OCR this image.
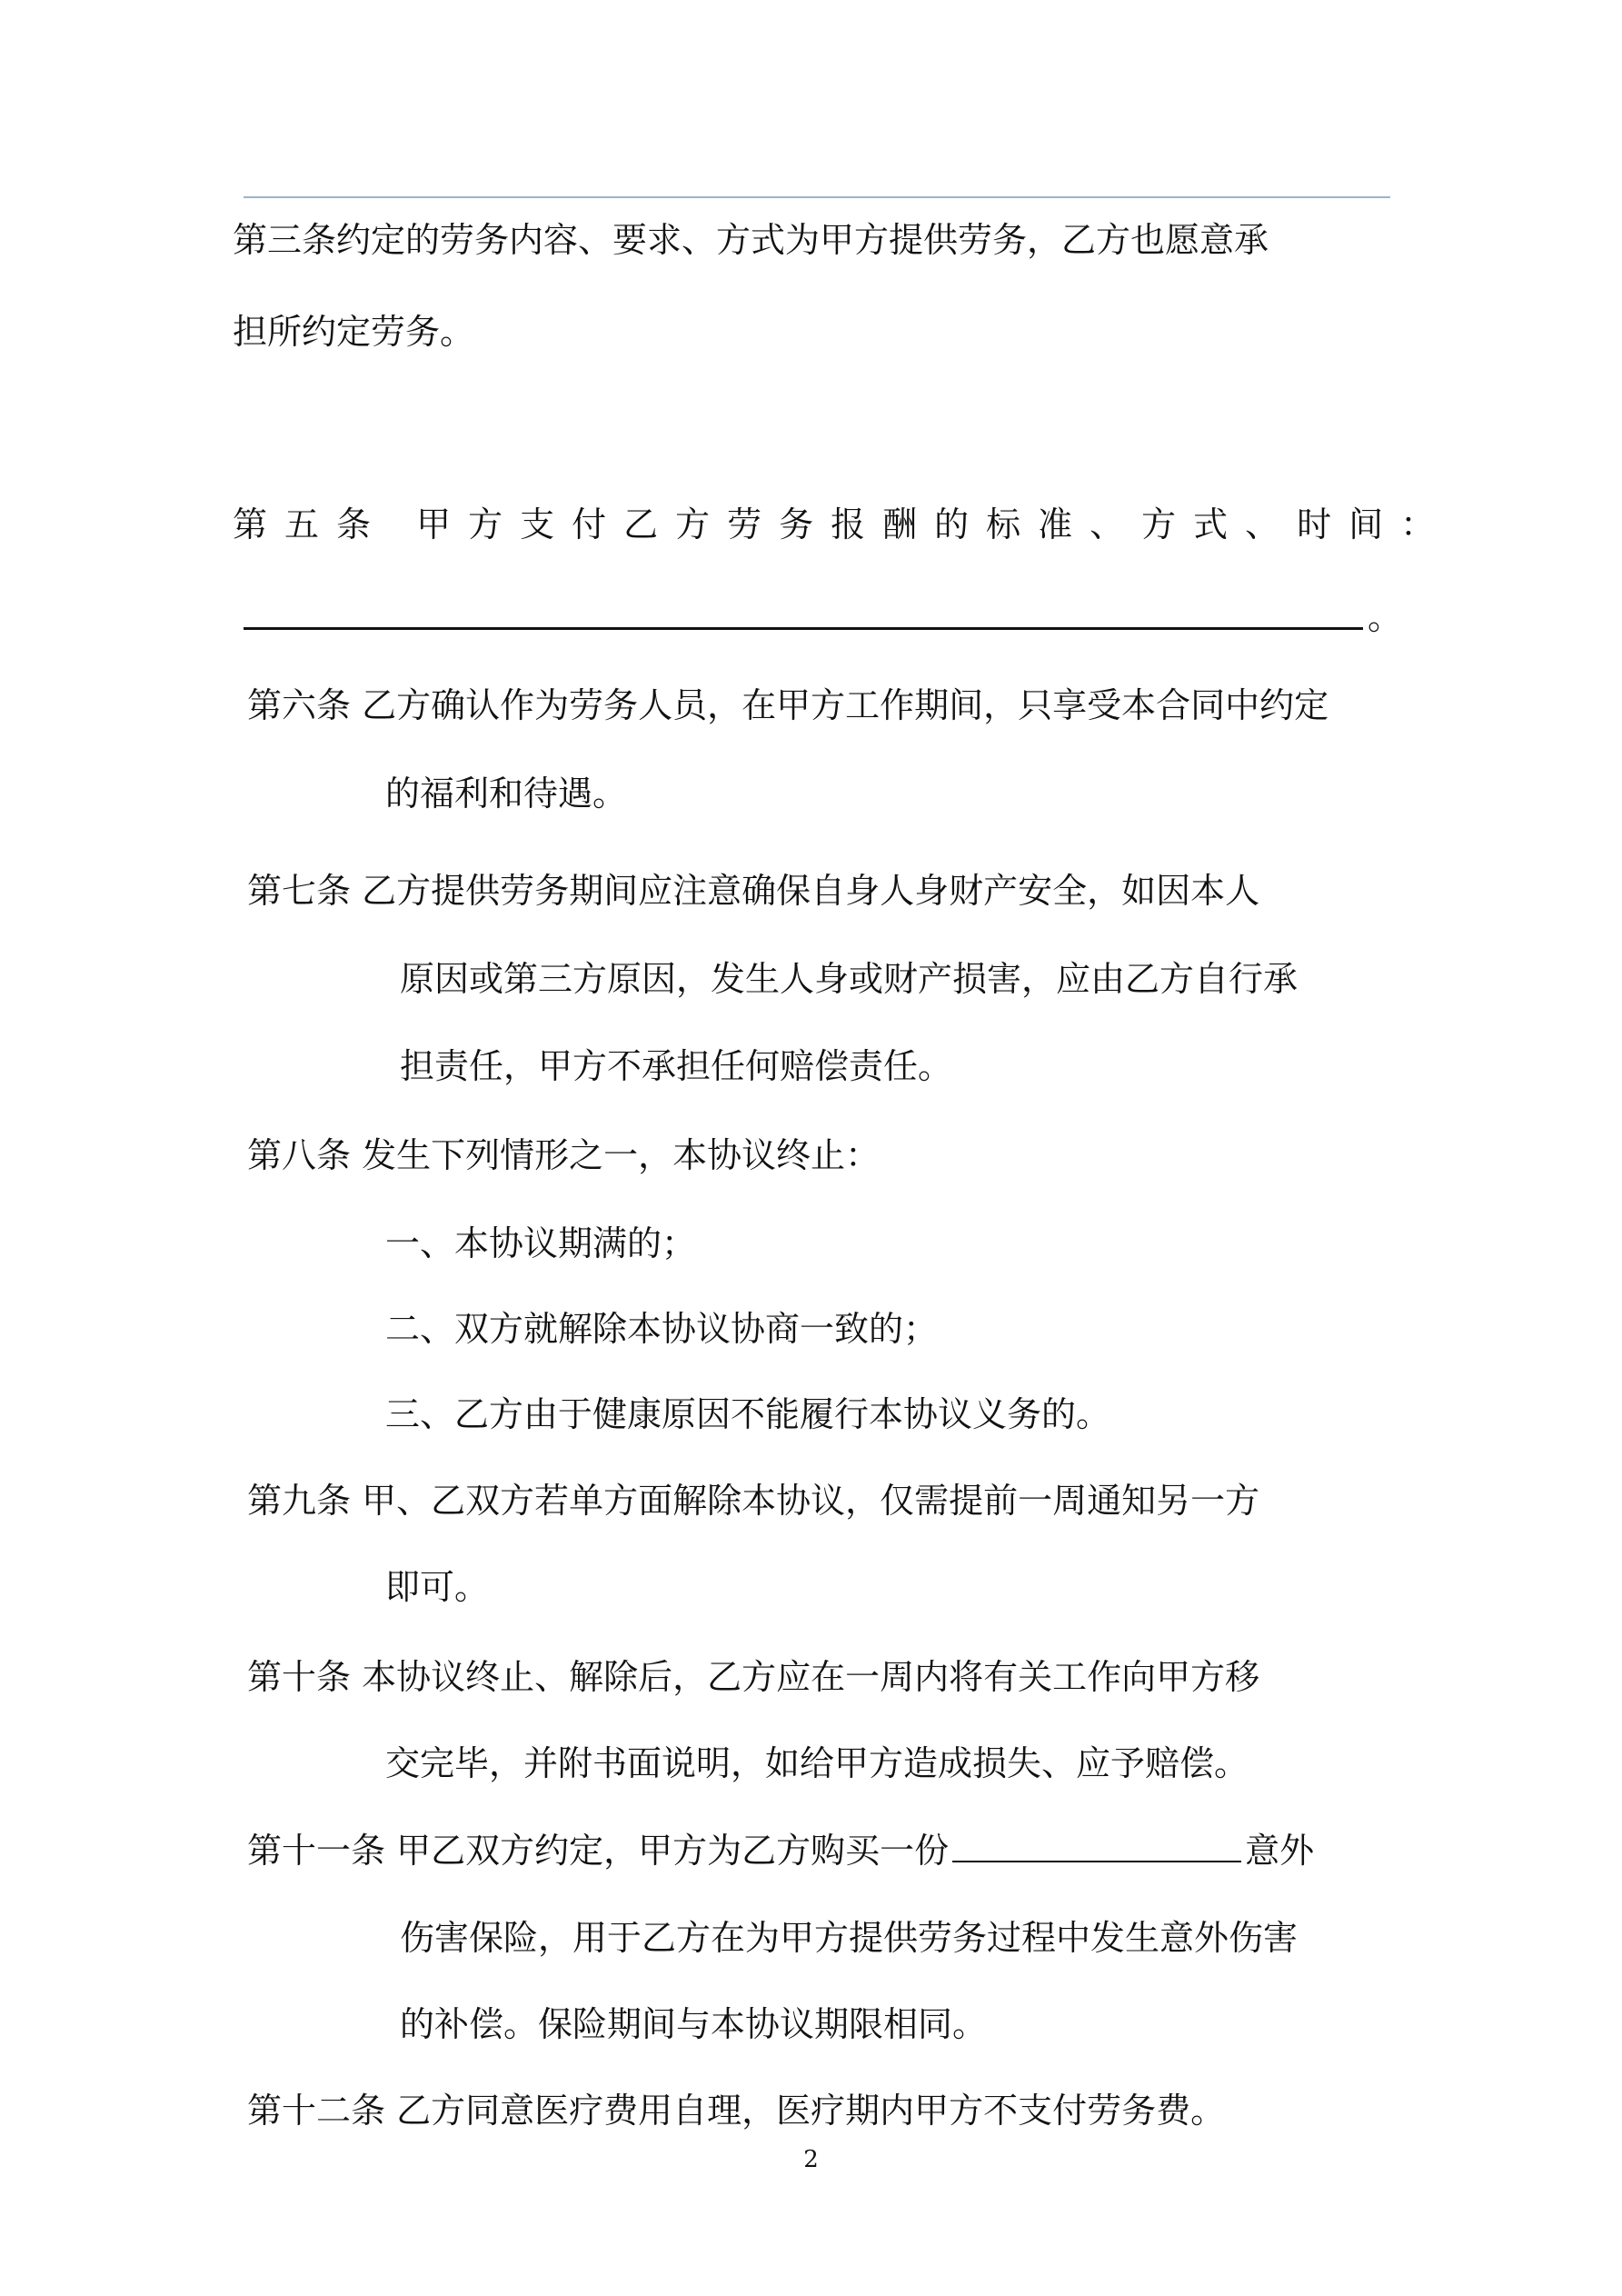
第三条约定的劳务内容、要求、方式为甲方提供劳务，乙方也愿意承
担所约定劳务。
第五条 甲方支付乙方劳务报酬的标准、方式、时间：
。
第六条 乙方确认作为劳务人员，在甲方工作期间，只享受本合同中约定
的福利和待遇。
第七条 乙方提供劳务期间应注意确保自身人身财产安全，如因本人
原因或第三方原因，发生人身或财产损害，应由乙方自行承
担责任，甲方不承担任何赔偿责任。
第八条 发生下列情形之一，本协议终止：
一、本协议期满的；
二、双方就解除本协议协商一致的；
三、乙方由于健康原因不能履行本协议义务的。
第九条 甲、乙双方若单方面解除本协议，仅需提前一周通知另一方
即可。
第十条 本协议终止、解除后，乙方应在一周内将有关工作向甲方移
交完毕，并附书面说明，如给甲方造成损失、应予赔偿。
第十一条 甲乙双方约定，甲方为乙方购买一份	意外
伤害保险，用于乙方在为甲方提供劳务过程中发生意外伤害
的补偿。保险期间与本协议期限相同。
第十二条 乙方同意医疗费用自理，医疗期内甲方不支付劳务费。
2
